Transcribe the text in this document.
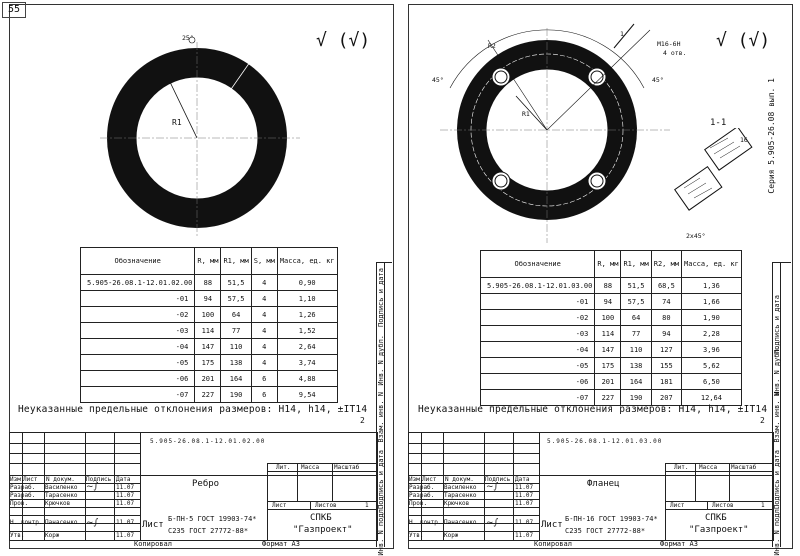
55
√ (√)
R
R1
25°
Обозначение	R, мм	R1, мм	S, мм	Масса, ед. кг
5.905-26.08.1-12.01.02.00	88	51,5	4	0,90
-01	94	57,5	4	1,10
-02	100	64	4	1,26
-03	114	77	4	1,52
-04	147	110	4	2,64
-05	175	138	4	3,74
-06	201	164	6	4,88
-07	227	190	6	9,54
Неуказанные предельные отклонения размеров: H14, h14, ±IT14
2
Подпись и дата
Инв. N дубл.
Взам. инв. N
Подпись и дата
Инв. N подл.
Изм.
Лист N докум. Подпись Дата
Разраб. Василенко	11.07
Разраб. Тарасенко	11.07
Пров.	Крючков	11.07
Н. контр. Панасенко	11.07
Утв.	Корж	11.07
5.905-26.08.1-12.01.02.00
Ребро
Лит. Масса Масштаб
Лист	Листов	1
Лист
Б-ПН-5 ГОСТ 19903-74*
С235 ГОСТ 27772-88*
СПКБ
"Газпроект"
~∫
~∫
Копировал	Формат А3
√ (√)
M16-6H
4 отв.
45°	45°
R2
R1
R
1
1-1
16
2x45°
Серия 5.905-26.08 вып. 1
Обозначение	R, мм	R1, мм	R2, мм	Масса, ед. кг
5.905-26.08.1-12.01.03.00	88	51,5	68,5	1,36
-01	94	57,5	74	1,66
-02	100	64	80	1,90
-03	114	77	94	2,28
-04	147	110	127	3,96
-05	175	138	155	5,62
-06	201	164	181	6,50
-07	227	190	207	12,64
Неуказанные предельные отклонения размеров: H14, h14, ±IT14
2
Подпись и дата
Инв. N дубл.
Взам. инв. N
Подпись и дата
Инв. N подл.
Изм.
Лист N докум. Подпись Дата
Разраб. Василенко	11.07
Разраб. Тарасенко	11.07
Пров.	Крючков	11.07
Н. контр. Панасенко	11.07
Утв.	Корж	11.07
5.905-26.08.1-12.01.03.00
Фланец
Лит. Масса Масштаб
Лист	Листов	1
Лист
Б-ПН-16 ГОСТ 19903-74*
С235 ГОСТ 27772-88*
СПКБ
"Газпроект"
~∫
~∫
Копировал	Формат А3
